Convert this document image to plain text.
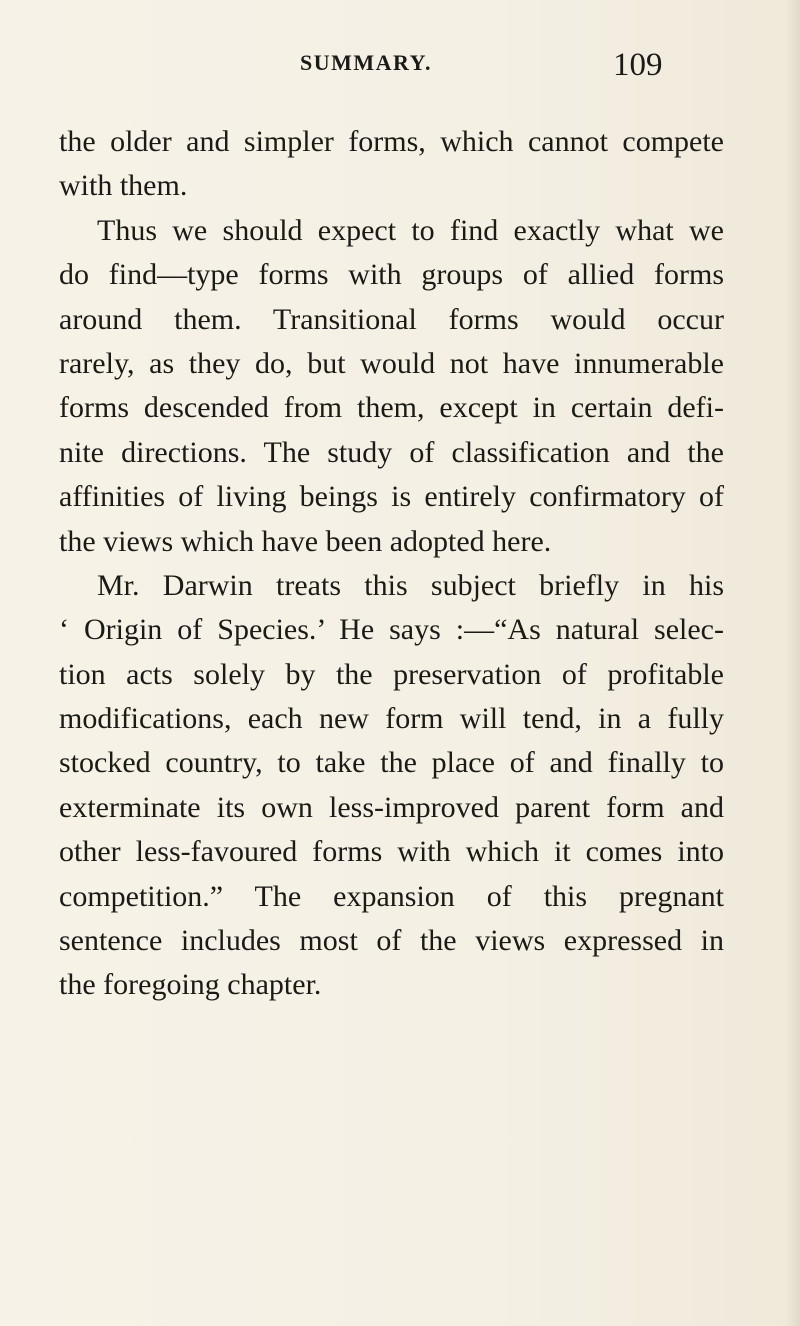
SUMMARY.	109
the older and simpler forms, which cannot compete
with them.
Thus we should expect to find exactly what we
do find—type forms with groups of allied forms
around them. Transitional forms would occur
rarely, as they do, but would not have innumerable
forms descended from them, except in certain defi-
nite directions. The study of classification and the
affinities of living beings is entirely confirmatory of
the views which have been adopted here.
Mr. Darwin treats this subject briefly in his
‘ Origin of Species.’ He says :—“As natural selec-
tion acts solely by the preservation of profitable
modifications, each new form will tend, in a fully
stocked country, to take the place of and finally to
exterminate its own less-improved parent form and
other less-favoured forms with which it comes into
competition.” The expansion of this pregnant
sentence includes most of the views expressed in
the foregoing chapter.
